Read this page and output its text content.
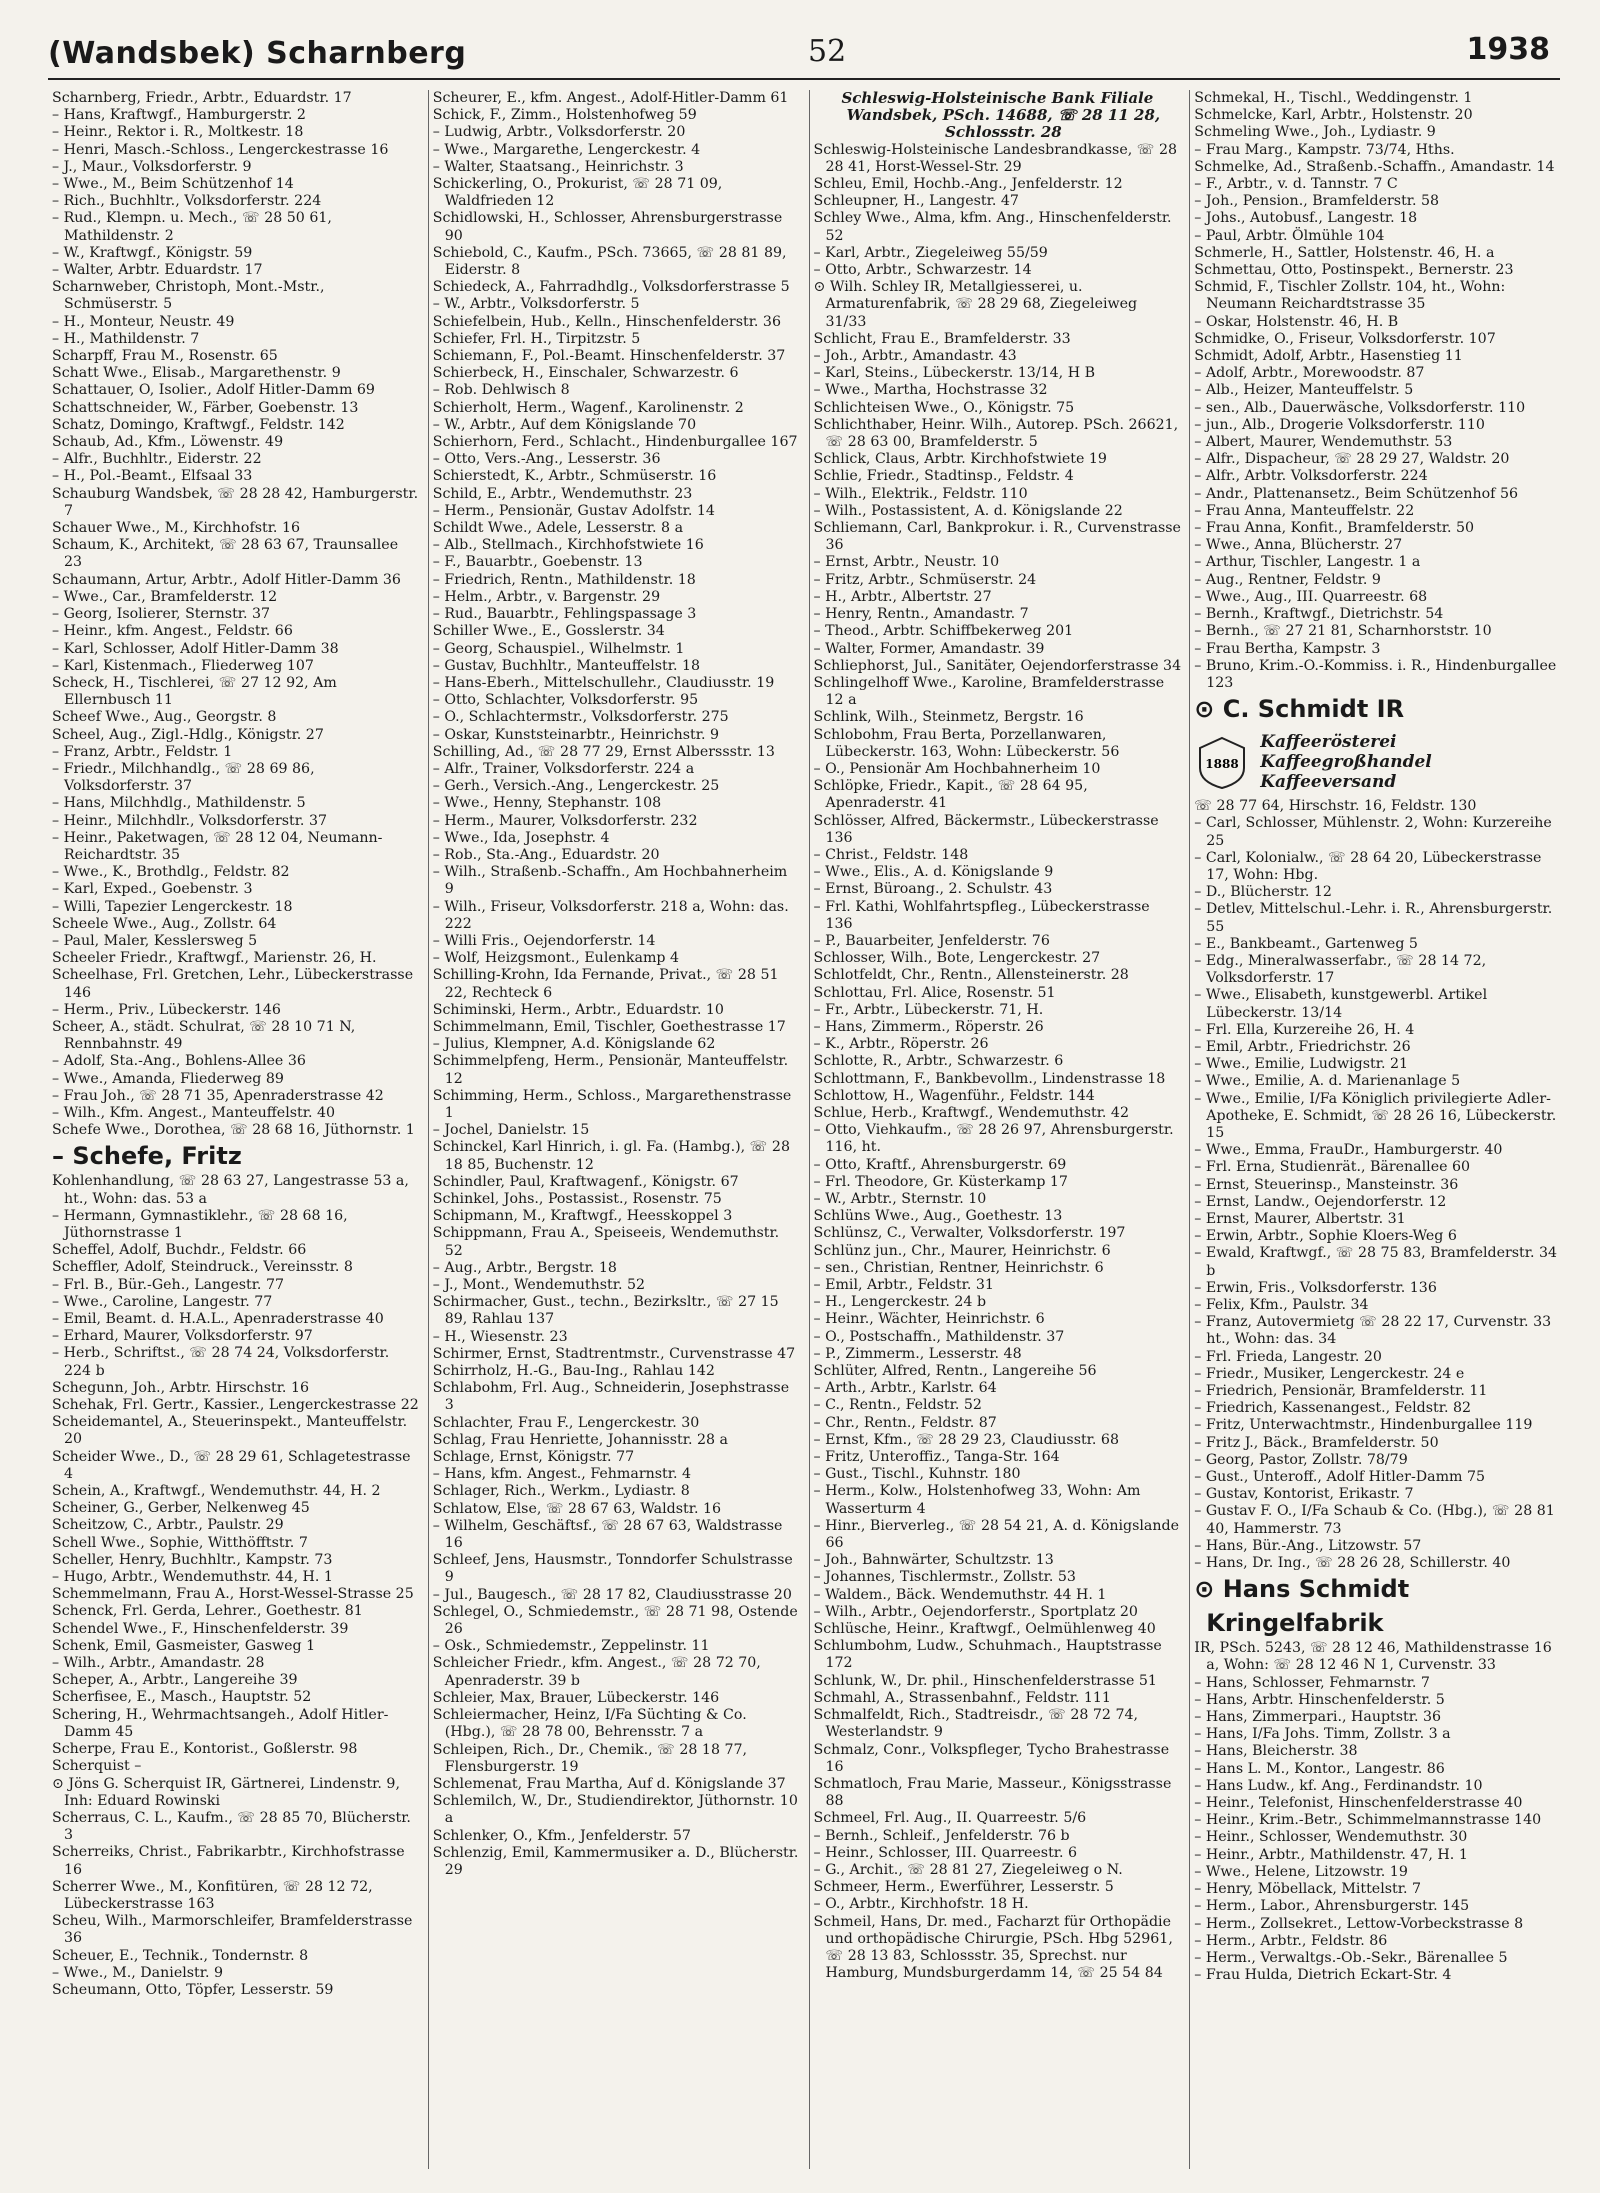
(Wandsbek) Scharnberg	52	1938

Scharnberg, Friedr., Arbtr., Eduardstr. 17

– Hans, Kraftwgf., Hamburgerstr. 2

– Heinr., Rektor i. R., Moltkestr. 18

– Henri, Masch.-Schloss., Lengerckestrasse 16

– J., Maur., Volksdorferstr. 9

– Wwe., M., Beim Schützenhof 14

– Rich., Buchhltr., Volksdorferstr. 224

– Rud., Klempn. u. Mech., ☏ 28 50 61, Mathildenstr. 2

– W., Kraftwgf., Königstr. 59

– Walter, Arbtr. Eduardstr. 17

Scharnweber, Christoph, Mont.-Mstr., Schmüserstr. 5

– H., Monteur, Neustr. 49

– H., Mathildenstr. 7

Scharpff, Frau M., Rosenstr. 65

Schatt Wwe., Elisab., Margarethenstr. 9

Schattauer, O, Isolier., Adolf Hitler-Damm 69

Schattschneider, W., Färber, Goebenstr. 13

Schatz, Domingo, Kraftwgf., Feldstr. 142

Schaub, Ad., Kfm., Löwenstr. 49

– Alfr., Buchhltr., Eiderstr. 22

– H., Pol.-Beamt., Elfsaal 33

Schauburg Wandsbek, ☏ 28 28 42, Hamburgerstr. 7

Schauer Wwe., M., Kirchhofstr. 16

Schaum, K., Architekt, ☏ 28 63 67, Traunsallee 23

Schaumann, Artur, Arbtr., Adolf Hitler-Damm 36

– Wwe., Car., Bramfelderstr. 12

– Georg, Isolierer, Sternstr. 37

– Heinr., kfm. Angest., Feldstr. 66

– Karl, Schlosser, Adolf Hitler-Damm 38

– Karl, Kistenmach., Fliederweg 107

Scheck, H., Tischlerei, ☏ 27 12 92, Am Ellernbusch 11

Scheef Wwe., Aug., Georgstr. 8

Scheel, Aug., Zigl.-Hdlg., Königstr. 27

– Franz, Arbtr., Feldstr. 1

– Friedr., Milchhandlg., ☏ 28 69 86, Volksdorferstr. 37

– Hans, Milchhdlg., Mathildenstr. 5

– Heinr., Milchhdlr., Volksdorferstr. 37

– Heinr., Paketwagen, ☏ 28 12 04, Neumann-Reichardtstr. 35

– Wwe., K., Brothdlg., Feldstr. 82

– Karl, Exped., Goebenstr. 3

– Willi, Tapezier Lengerckestr. 18

Scheele Wwe., Aug., Zollstr. 64

– Paul, Maler, Kesslersweg 5

Scheeler Friedr., Kraftwgf., Marienstr. 26, H.

Scheelhase, Frl. Gretchen, Lehr., Lübeckerstrasse 146

– Herm., Priv., Lübeckerstr. 146

Scheer, A., städt. Schulrat, ☏ 28 10 71 N, Rennbahnstr. 49

– Adolf, Sta.-Ang., Bohlens-Allee 36

– Wwe., Amanda, Fliederweg 89

– Frau Joh., ☏ 28 71 35, Apenraderstrasse 42

– Wilh., Kfm. Angest., Manteuffelstr. 40

Schefe Wwe., Dorothea, ☏ 28 68 16, Jüthornstr. 1

– Schefe, Fritz

Kohlenhandlung, ☏ 28 63 27, Langestrasse 53 a, ht., Wohn: das. 53 a

– Hermann, Gymnastiklehr., ☏ 28 68 16, Jüthornstrasse 1

Scheffel, Adolf, Buchdr., Feldstr. 66

Scheffler, Adolf, Steindruck., Vereinsstr. 8

– Frl. B., Bür.-Geh., Langestr. 77

– Wwe., Caroline, Langestr. 77

– Emil, Beamt. d. H.A.L., Apenraderstrasse 40

– Erhard, Maurer, Volksdorferstr. 97

– Herb., Schriftst., ☏ 28 74 24, Volksdorferstr. 224 b

Schegunn, Joh., Arbtr. Hirschstr. 16

Schehak, Frl. Gertr., Kassier., Lengerckestrasse 22

Scheidemantel, A., Steuerinspekt., Manteuffelstr. 20

Scheider Wwe., D., ☏ 28 29 61, Schlagetestrasse 4

Schein, A., Kraftwgf., Wendemuthstr. 44, H. 2

Scheiner, G., Gerber, Nelkenweg 45

Scheitzow, C., Arbtr., Paulstr. 29

Schell Wwe., Sophie, Witthöfftstr. 7

Scheller, Henry, Buchhltr., Kampstr. 73

– Hugo, Arbtr., Wendemuthstr. 44, H. 1

Schemmelmann, Frau A., Horst-Wessel-Strasse 25

Schenck, Frl. Gerda, Lehrer., Goethestr. 81

Schendel Wwe., F., Hinschenfelderstr. 39

Schenk, Emil, Gasmeister, Gasweg 1

– Wilh., Arbtr., Amandastr. 28

Scheper, A., Arbtr., Langereihe 39

Scherfisee, E., Masch., Hauptstr. 52

Schering, H., Wehrmachtsangeh., Adolf Hitler-Damm 45

Scherpe, Frau E., Kontorist., Goßlerstr. 98

Scherquist –

⊙ Jöns G. Scherquist IR, Gärtnerei, Lindenstr. 9, Inh: Eduard Rowinski

Scherraus, C. L., Kaufm., ☏ 28 85 70, Blücherstr. 3

Scherreiks, Christ., Fabrikarbtr., Kirchhofstrasse 16

Scherrer Wwe., M., Konfitüren, ☏ 28 12 72, Lübeckerstrasse 163

Scheu, Wilh., Marmorschleifer, Bramfelderstrasse 36

Scheuer, E., Technik., Tondernstr. 8

– Wwe., M., Danielstr. 9

Scheumann, Otto, Töpfer, Lesserstr. 59

Scheurer, E., kfm. Angest., Adolf-Hitler-Damm 61

Schick, F., Zimm., Holstenhofweg 59

– Ludwig, Arbtr., Volksdorferstr. 20

– Wwe., Margarethe, Lengerckestr. 4

– Walter, Staatsang., Heinrichstr. 3

Schickerling, O., Prokurist, ☏ 28 71 09, Waldfrieden 12

Schidlowski, H., Schlosser, Ahrensburgerstrasse 90

Schiebold, C., Kaufm., PSch. 73665, ☏ 28 81 89, Eiderstr. 8

Schiedeck, A., Fahrradhdlg., Volksdorferstrasse 5

– W., Arbtr., Volksdorferstr. 5

Schiefelbein, Hub., Kelln., Hinschenfelderstr. 36

Schiefer, Frl. H., Tirpitzstr. 5

Schiemann, F., Pol.-Beamt. Hinschenfelderstr. 37

Schierbeck, H., Einschaler, Schwarzestr. 6

– Rob. Dehlwisch 8

Schierholt, Herm., Wagenf., Karolinenstr. 2

– W., Arbtr., Auf dem Königslande 70

Schierhorn, Ferd., Schlacht., Hindenburgallee 167

– Otto, Vers.-Ang., Lesserstr. 36

Schierstedt, K., Arbtr., Schmüserstr. 16

Schild, E., Arbtr., Wendemuthstr. 23

– Herm., Pensionär, Gustav Adolfstr. 14

Schildt Wwe., Adele, Lesserstr. 8 a

– Alb., Stellmach., Kirchhofstwiete 16

– F., Bauarbtr., Goebenstr. 13

– Friedrich, Rentn., Mathildenstr. 18

– Helm., Arbtr., v. Bargenstr. 29

– Rud., Bauarbtr., Fehlingspassage 3

Schiller Wwe., E., Gosslerstr. 34

– Georg, Schauspiel., Wilhelmstr. 1

– Gustav, Buchhltr., Manteuffelstr. 18

– Hans-Eberh., Mittelschullehr., Claudiusstr. 19

– Otto, Schlachter, Volksdorferstr. 95

– O., Schlachtermstr., Volksdorferstr. 275

– Oskar, Kunststeinarbtr., Heinrichstr. 9

Schilling, Ad., ☏ 28 77 29, Ernst Alberssstr. 13

– Alfr., Trainer, Volksdorferstr. 224 a

– Gerh., Versich.-Ang., Lengerckestr. 25

– Wwe., Henny, Stephanstr. 108

– Herm., Maurer, Volksdorferstr. 232

– Wwe., Ida, Josephstr. 4

– Rob., Sta.-Ang., Eduardstr. 20

– Wilh., Straßenb.-Schaffn., Am Hochbahnerheim 9

– Wilh., Friseur, Volksdorferstr. 218 a, Wohn: das. 222

– Willi Fris., Oejendorferstr. 14

– Wolf, Heizgsmont., Eulenkamp 4

Schilling-Krohn, Ida Fernande, Privat., ☏ 28 51 22, Rechteck 6

Schiminski, Herm., Arbtr., Eduardstr. 10

Schimmelmann, Emil, Tischler, Goethestrasse 17

– Julius, Klempner, A.d. Königslande 62

Schimmelpfeng, Herm., Pensionär, Manteuffelstr. 12

Schimming, Herm., Schloss., Margarethenstrasse 1

– Jochel, Danielstr. 15

Schinckel, Karl Hinrich, i. gl. Fa. (Hambg.), ☏ 28 18 85, Buchenstr. 12

Schindler, Paul, Kraftwagenf., Königstr. 67

Schinkel, Johs., Postassist., Rosenstr. 75

Schipmann, M., Kraftwgf., Heesskoppel 3

Schippmann, Frau A., Speiseeis, Wendemuthstr. 52

– Aug., Arbtr., Bergstr. 18

– J., Mont., Wendemuthstr. 52

Schirmacher, Gust., techn., Bezirksltr., ☏ 27 15 89, Rahlau 137

– H., Wiesenstr. 23

Schirmer, Ernst, Stadtrentmstr., Curvenstrasse 47

Schirrholz, H.-G., Bau-Ing., Rahlau 142

Schlabohm, Frl. Aug., Schneiderin, Josephstrasse 3

Schlachter, Frau F., Lengerckestr. 30

Schlag, Frau Henriette, Johannisstr. 28 a

Schlage, Ernst, Königstr. 77

– Hans, kfm. Angest., Fehmarnstr. 4

Schlager, Rich., Werkm., Lydiastr. 8

Schlatow, Else, ☏ 28 67 63, Waldstr. 16

– Wilhelm, Geschäftsf., ☏ 28 67 63, Waldstrasse 16

Schleef, Jens, Hausmstr., Tonndorfer Schulstrasse 9

– Jul., Baugesch., ☏ 28 17 82, Claudiusstrasse 20

Schlegel, O., Schmiedemstr., ☏ 28 71 98, Ostende 26

– Osk., Schmiedemstr., Zeppelinstr. 11

Schleicher Friedr., kfm. Angest., ☏ 28 72 70, Apenraderstr. 39 b

Schleier, Max, Brauer, Lübeckerstr. 146

Schleiermacher, Heinz, I/Fa Süchting & Co. (Hbg.), ☏ 28 78 00, Behrensstr. 7 a

Schleipen, Rich., Dr., Chemik., ☏ 28 18 77, Flensburgerstr. 19

Schlemenat, Frau Martha, Auf d. Königslande 37

Schlemilch, W., Dr., Studiendirektor, Jüthornstr. 10 a

Schlenker, O., Kfm., Jenfelderstr. 57

Schlenzig, Emil, Kammermusiker a. D., Blücherstr. 29

Schleswig-Holsteinische Bank Filiale Wandsbek, PSch. 14688, ☏ 28 11 28, Schlossstr. 28

Schleswig-Holsteinische Landesbrandkasse, ☏ 28 28 41, Horst-Wessel-Str. 29

Schleu, Emil, Hochb.-Ang., Jenfelderstr. 12

Schleupner, H., Langestr. 47

Schley Wwe., Alma, kfm. Ang., Hinschenfelderstr. 52

– Karl, Arbtr., Ziegeleiweg 55/59

– Otto, Arbtr., Schwarzestr. 14

⊙ Wilh. Schley IR, Metallgiesserei, u. Armaturenfabrik, ☏ 28 29 68, Ziegeleiweg 31/33

Schlicht, Frau E., Bramfelderstr. 33

– Joh., Arbtr., Amandastr. 43

– Karl, Steins., Lübeckerstr. 13/14, H B

– Wwe., Martha, Hochstrasse 32

Schlichteisen Wwe., O., Königstr. 75

Schlichthaber, Heinr. Wilh., Autorep. PSch. 26621, ☏ 28 63 00, Bramfelderstr. 5

Schlick, Claus, Arbtr. Kirchhofstwiete 19

Schlie, Friedr., Stadtinsp., Feldstr. 4

– Wilh., Elektrik., Feldstr. 110

– Wilh., Postassistent, A. d. Königslande 22

Schliemann, Carl, Bankprokur. i. R., Curvenstrasse 36

– Ernst, Arbtr., Neustr. 10

– Fritz, Arbtr., Schmüserstr. 24

– H., Arbtr., Albertstr. 27

– Henry, Rentn., Amandastr. 7

– Theod., Arbtr. Schiffbekerweg 201

– Walter, Former, Amandastr. 39

Schliephorst, Jul., Sanitäter, Oejendorferstrasse 34

Schlingelhoff Wwe., Karoline, Bramfelderstrasse 12 a

Schlink, Wilh., Steinmetz, Bergstr. 16

Schlobohm, Frau Berta, Porzellanwaren, Lübeckerstr. 163, Wohn: Lübeckerstr. 56

– O., Pensionär Am Hochbahnerheim 10

Schlöpke, Friedr., Kapit., ☏ 28 64 95, Apenraderstr. 41

Schlösser, Alfred, Bäckermstr., Lübeckerstrasse 136

– Christ., Feldstr. 148

– Wwe., Elis., A. d. Königslande 9

– Ernst, Büroang., 2. Schulstr. 43

– Frl. Kathi, Wohlfahrtspfleg., Lübeckerstrasse 136

– P., Bauarbeiter, Jenfelderstr. 76

Schlosser, Wilh., Bote, Lengerckestr. 27

Schlotfeldt, Chr., Rentn., Allensteinerstr. 28

Schlottau, Frl. Alice, Rosenstr. 51

– Fr., Arbtr., Lübeckerstr. 71, H.

– Hans, Zimmerm., Röperstr. 26

– K., Arbtr., Röperstr. 26

Schlotte, R., Arbtr., Schwarzestr. 6

Schlottmann, F., Bankbevollm., Lindenstrasse 18

Schlottow, H., Wagenführ., Feldstr. 144

Schlue, Herb., Kraftwgf., Wendemuthstr. 42

– Otto, Viehkaufm., ☏ 28 26 97, Ahrensburgerstr. 116, ht.

– Otto, Kraftf., Ahrensburgerstr. 69

– Frl. Theodore, Gr. Küsterkamp 17

– W., Arbtr., Sternstr. 10

Schlüns Wwe., Aug., Goethestr. 13

Schlünsz, C., Verwalter, Volksdorferstr. 197

Schlünz jun., Chr., Maurer, Heinrichstr. 6

– sen., Christian, Rentner, Heinrichstr. 6

– Emil, Arbtr., Feldstr. 31

– H., Lengerckestr. 24 b

– Heinr., Wächter, Heinrichstr. 6

– O., Postschaffn., Mathildenstr. 37

– P., Zimmerm., Lesserstr. 48

Schlüter, Alfred, Rentn., Langereihe 56

– Arth., Arbtr., Karlstr. 64

– C., Rentn., Feldstr. 52

– Chr., Rentn., Feldstr. 87

– Ernst, Kfm., ☏ 28 29 23, Claudiusstr. 68

– Fritz, Unteroffiz., Tanga-Str. 164

– Gust., Tischl., Kuhnstr. 180

– Herm., Kolw., Holstenhofweg 33, Wohn: Am Wasserturm 4

– Hinr., Bierverleg., ☏ 28 54 21, A. d. Königslande 66

– Joh., Bahnwärter, Schultzstr. 13

– Johannes, Tischlermstr., Zollstr. 53

– Waldem., Bäck. Wendemuthstr. 44 H. 1

– Wilh., Arbtr., Oejendorferstr., Sportplatz 20

Schlüsche, Heinr., Kraftwgf., Oelmühlenweg 40

Schlumbohm, Ludw., Schuhmach., Hauptstrasse 172

Schlunk, W., Dr. phil., Hinschenfelderstrasse 51

Schmahl, A., Strassenbahnf., Feldstr. 111

Schmalfeldt, Rich., Stadtreisdr., ☏ 28 72 74, Westerlandstr. 9

Schmalz, Conr., Volkspfleger, Tycho Brahestrasse 16

Schmatloch, Frau Marie, Masseur., Königsstrasse 88

Schmeel, Frl. Aug., II. Quarreestr. 5/6

– Bernh., Schleif., Jenfelderstr. 76 b

– Heinr., Schlosser, III. Quarreestr. 6

– G., Archit., ☏ 28 81 27, Ziegeleiweg o N.

Schmeer, Herm., Ewerführer, Lesserstr. 5

– O., Arbtr., Kirchhofstr. 18 H.

Schmeil, Hans, Dr. med., Facharzt für Orthopädie und orthopädische Chirurgie, PSch. Hbg 52961, ☏ 28 13 83, Schlossstr. 35, Sprechst. nur Hamburg, Mundsburgerdamm 14, ☏ 25 54 84

Schmekal, H., Tischl., Weddingenstr. 1

Schmelcke, Karl, Arbtr., Holstenstr. 20

Schmeling Wwe., Joh., Lydiastr. 9

– Frau Marg., Kampstr. 73/74, Hths.

Schmelke, Ad., Straßenb.-Schaffn., Amandastr. 14

– F., Arbtr., v. d. Tannstr. 7 C

– Joh., Pension., Bramfelderstr. 58

– Johs., Autobusf., Langestr. 18

– Paul, Arbtr. Ölmühle 104

Schmerle, H., Sattler, Holstenstr. 46, H. a

Schmettau, Otto, Postinspekt., Bernerstr. 23

Schmid, F., Tischler Zollstr. 104, ht., Wohn: Neumann Reichardtstrasse 35

– Oskar, Holstenstr. 46, H. B

Schmidke, O., Friseur, Volksdorferstr. 107

Schmidt, Adolf, Arbtr., Hasenstieg 11

– Adolf, Arbtr., Morewoodstr. 87

– Alb., Heizer, Manteuffelstr. 5

– sen., Alb., Dauerwäsche, Volksdorferstr. 110

– jun., Alb., Drogerie Volksdorferstr. 110

– Albert, Maurer, Wendemuthstr. 53

– Alfr., Dispacheur, ☏ 28 29 27, Waldstr. 20

– Alfr., Arbtr. Volksdorferstr. 224

– Andr., Plattenansetz., Beim Schützenhof 56

– Frau Anna, Manteuffelstr. 22

– Frau Anna, Konfit., Bramfelderstr. 50

– Wwe., Anna, Blücherstr. 27

– Arthur, Tischler, Langestr. 1 a

– Aug., Rentner, Feldstr. 9

– Wwe., Aug., III. Quarreestr. 68

– Bernh., Kraftwgf., Dietrichstr. 54

– Bernh., ☏ 27 21 81, Scharnhorststr. 10

– Frau Bertha, Kampstr. 3

– Bruno, Krim.-O.-Kommiss. i. R., Hindenburgallee 123

⊙ C. Schmidt IR

1888
Kaffeerösterei
Kaffeegroßhandel
Kaffeeversand

☏ 28 77 64, Hirschstr. 16, Feldstr. 130

– Carl, Schlosser, Mühlenstr. 2, Wohn: Kurzereihe 25

– Carl, Kolonialw., ☏ 28 64 20, Lübeckerstrasse 17, Wohn: Hbg.

– D., Blücherstr. 12

– Detlev, Mittelschul.-Lehr. i. R., Ahrensburgerstr. 55

– E., Bankbeamt., Gartenweg 5

– Edg., Mineralwasserfabr., ☏ 28 14 72, Volksdorferstr. 17

– Wwe., Elisabeth, kunstgewerbl. Artikel Lübeckerstr. 13/14

– Frl. Ella, Kurzereihe 26, H. 4

– Emil, Arbtr., Friedrichstr. 26

– Wwe., Emilie, Ludwigstr. 21

– Wwe., Emilie, A. d. Marienanlage 5

– Wwe., Emilie, I/Fa Königlich privilegierte Adler-Apotheke, E. Schmidt, ☏ 28 26 16, Lübeckerstr. 15

– Wwe., Emma, FrauDr., Hamburgerstr. 40

– Frl. Erna, Studienrät., Bärenallee 60

– Ernst, Steuerinsp., Mansteinstr. 36

– Ernst, Landw., Oejendorferstr. 12

– Ernst, Maurer, Albertstr. 31

– Erwin, Arbtr., Sophie Kloers-Weg 6

– Ewald, Kraftwgf., ☏ 28 75 83, Bramfelderstr. 34 b

– Erwin, Fris., Volksdorferstr. 136

– Felix, Kfm., Paulstr. 34

– Franz, Autovermietg ☏ 28 22 17, Curvenstr. 33 ht., Wohn: das. 34

– Frl. Frieda, Langestr. 20

– Friedr., Musiker, Lengerckestr. 24 e

– Friedrich, Pensionär, Bramfelderstr. 11

– Friedrich, Kassenangest., Feldstr. 82

– Fritz, Unterwachtmstr., Hindenburgallee 119

– Fritz J., Bäck., Bramfelderstr. 50

– Georg, Pastor, Zollstr. 78/79

– Gust., Unteroff., Adolf Hitler-Damm 75

– Gustav, Kontorist, Erikastr. 7

– Gustav F. O., I/Fa Schaub & Co. (Hbg.), ☏ 28 81 40, Hammerstr. 73

– Hans, Bür.-Ang., Litzowstr. 57

– Hans, Dr. Ing., ☏ 28 26 28, Schillerstr. 40

⊙ Hans Schmidt Kringelfabrik

IR, PSch. 5243, ☏ 28 12 46, Mathildenstrasse 16 a, Wohn: ☏ 28 12 46 N 1, Curvenstr. 33

– Hans, Schlosser, Fehmarnstr. 7

– Hans, Arbtr. Hinschenfelderstr. 5

– Hans, Zimmerpari., Hauptstr. 36

– Hans, I/Fa Johs. Timm, Zollstr. 3 a

– Hans, Bleicherstr. 38

– Hans L. M., Kontor., Langestr. 86

– Hans Ludw., kf. Ang., Ferdinandstr. 10

– Heinr., Telefonist, Hinschenfelderstrasse 40

– Heinr., Krim.-Betr., Schimmelmannstrasse 140

– Heinr., Schlosser, Wendemuthstr. 30

– Heinr., Arbtr., Mathildenstr. 47, H. 1

– Wwe., Helene, Litzowstr. 19

– Henry, Möbellack, Mittelstr. 7

– Herm., Labor., Ahrensburgerstr. 145

– Herm., Zollsekret., Lettow-Vorbeckstrasse 8

– Herm., Arbtr., Feldstr. 86

– Herm., Verwaltgs.-Ob.-Sekr., Bärenallee 5

– Frau Hulda, Dietrich Eckart-Str. 4
